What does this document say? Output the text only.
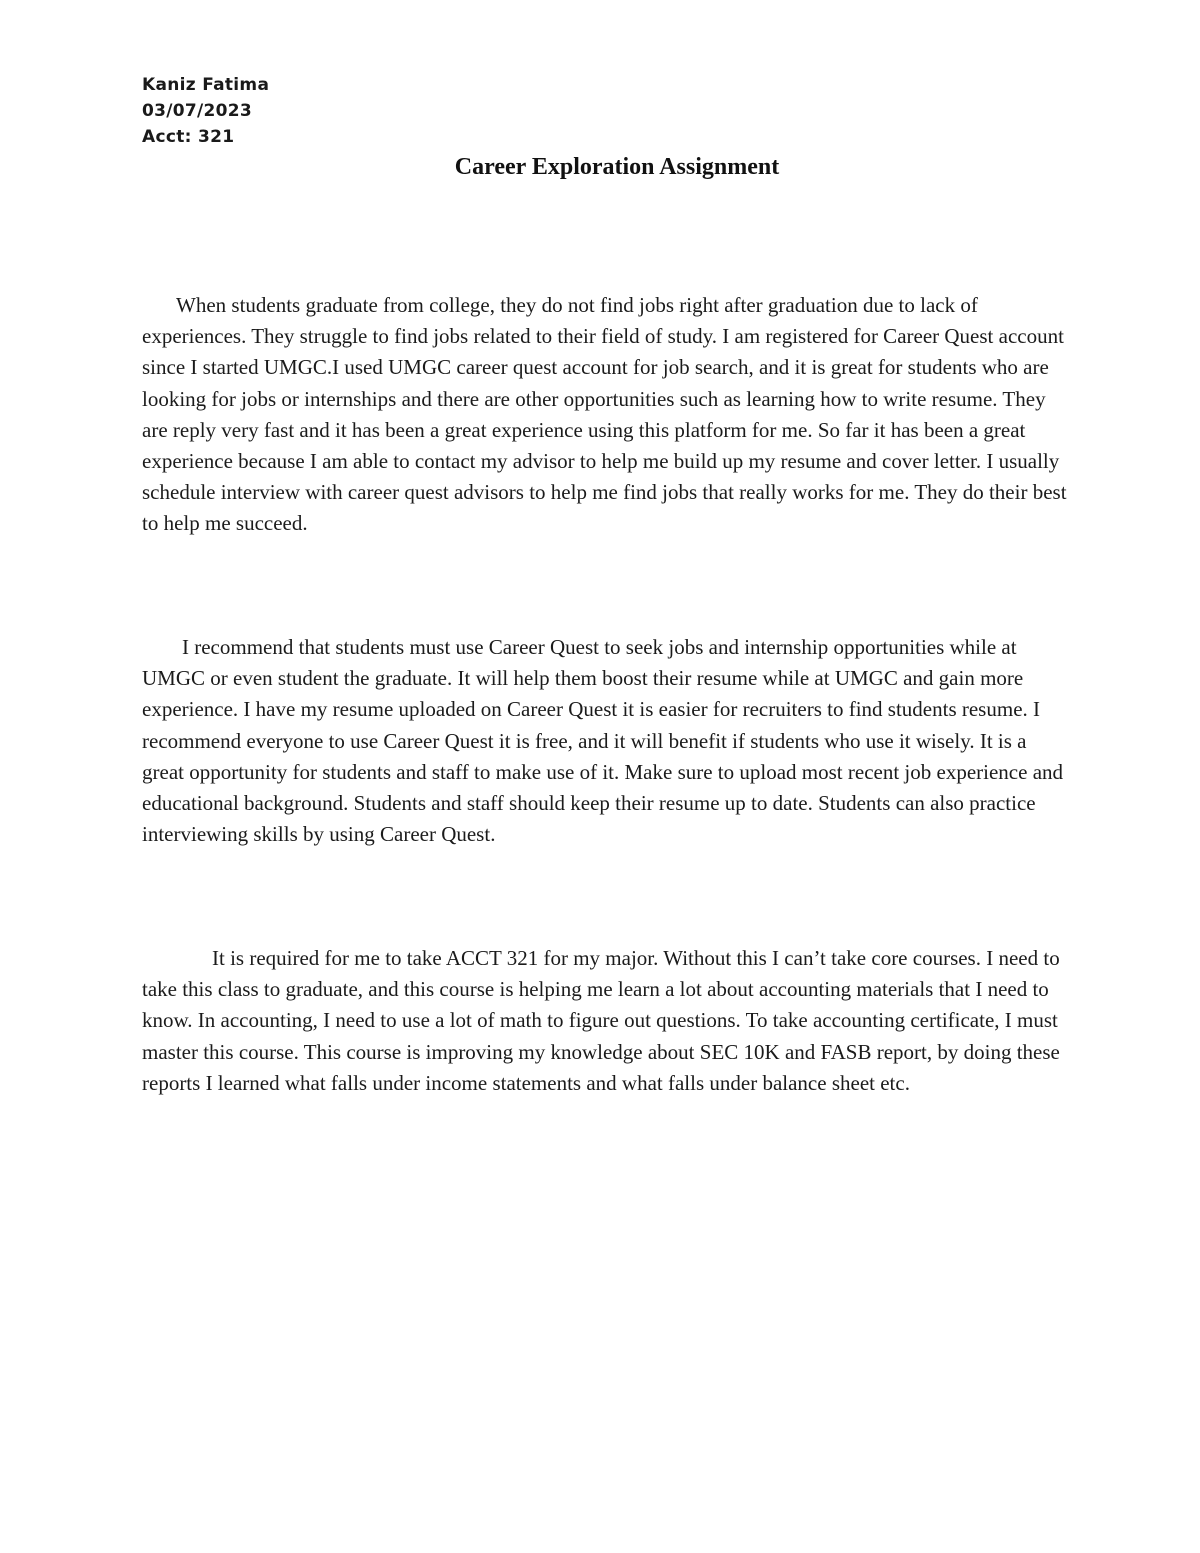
Kaniz Fatima
03/07/2023
Acct: 321
Career Exploration Assignment

When students graduate from college, they do not find jobs right after graduation due to lack of experiences. They struggle to find jobs related to their field of study. I am registered for Career Quest account since I started UMGC.I used UMGC career quest account for job search, and it is great for students who are looking for jobs or internships and there are other opportunities such as learning how to write resume. They are reply very fast and it has been a great experience using this platform for me. So far it has been a great experience because I am able to contact my advisor to help me build up my resume and cover letter. I usually schedule interview with career quest advisors to help me find jobs that really works for me. They do their best to help me succeed.

I recommend that students must use Career Quest to seek jobs and internship opportunities while at UMGC or even student the graduate. It will help them boost their resume while at UMGC and gain more experience. I have my resume uploaded on Career Quest it is easier for recruiters to find students resume. I recommend everyone to use Career Quest it is free, and it will benefit if students who use it wisely. It is a great opportunity for students and staff to make use of it. Make sure to upload most recent job experience and educational background. Students and staff should keep their resume up to date. Students can also practice interviewing skills by using Career Quest.

It is required for me to take ACCT 321 for my major. Without this I can’t take core courses. I need to take this class to graduate, and this course is helping me learn a lot about accounting materials that I need to know. In accounting, I need to use a lot of math to figure out questions. To take accounting certificate, I must master this course. This course is improving my knowledge about SEC 10K and FASB report, by doing these reports I learned what falls under income statements and what falls under balance sheet etc.
